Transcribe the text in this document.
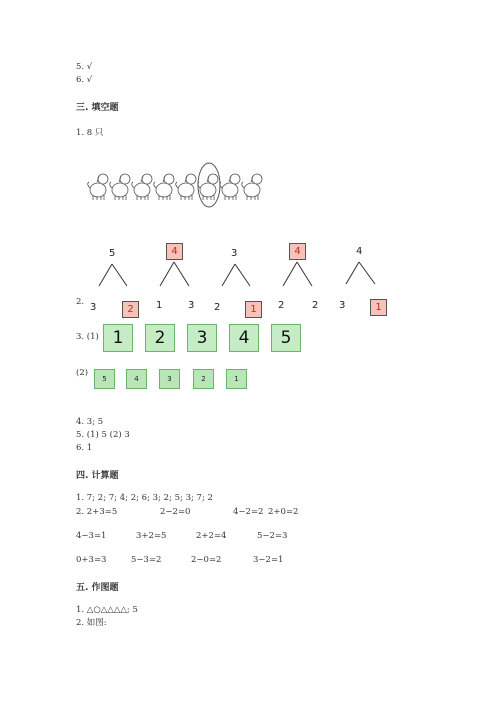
5. √
6. √
三. 填空题
1. 8 只
2.
5
3	2
4
1	3
3
2	1
4
2	2
4
3	1
3. (1) 1	2	3	4	5
(2)
5	4	3	2	1
4. 3; 5
5. (1) 5 (2) 3
6. 1
四. 计算题
1. 7; 2; 7; 4; 2; 6; 3; 2; 5; 3; 7; 2
2. 2+3=5	2−2=0	4−2=2 2+0=2
4−3=1	3+2=5	2+2=4	5−2=3
0+3=3	5−3=2	2−0=2	3−2=1
五. 作图题
1. △○△△△△; 5
2. 如图:
